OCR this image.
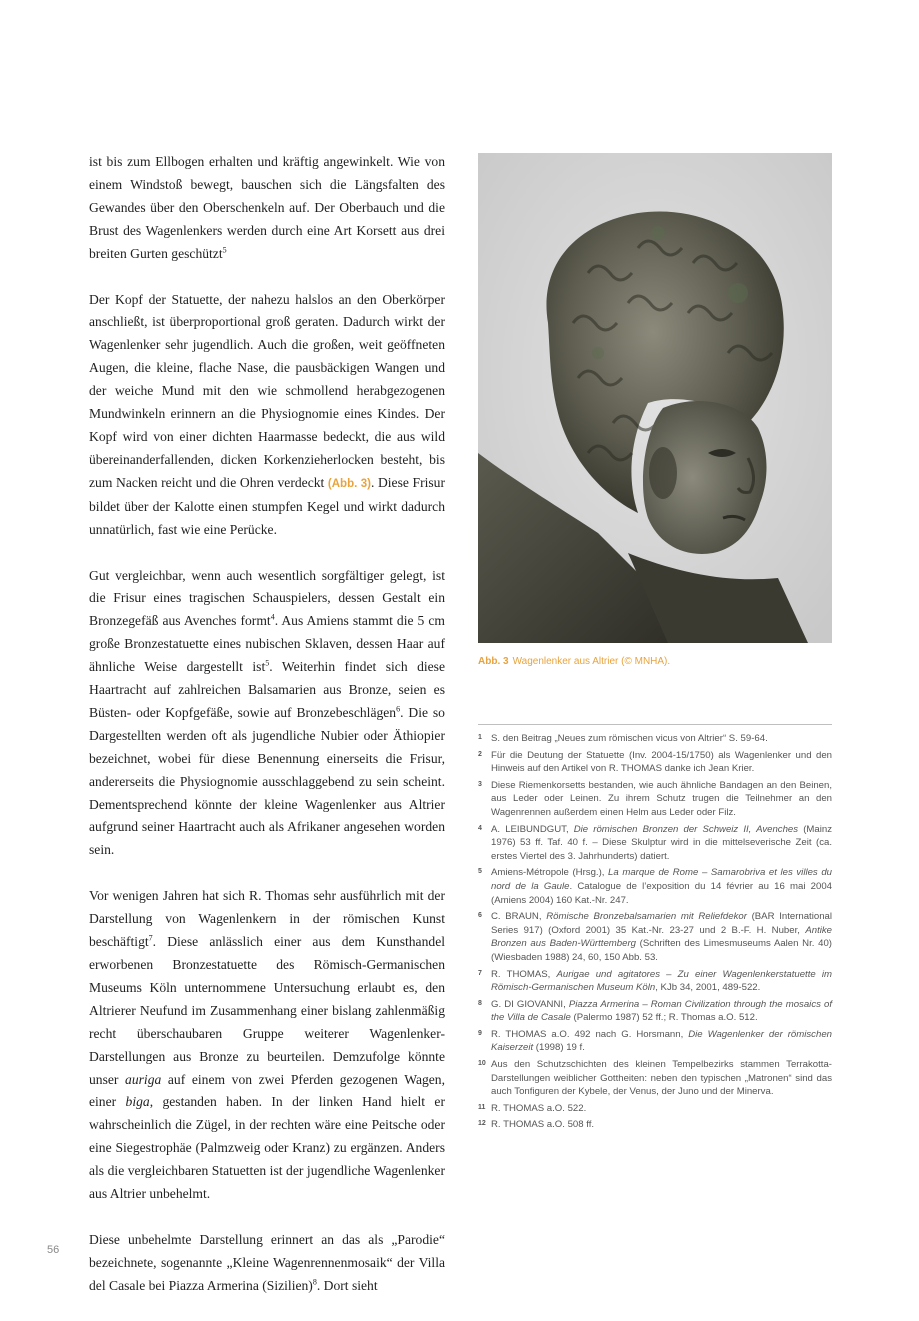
ist bis zum Ellbogen erhalten und kräftig angewinkelt. Wie von einem Windstoß bewegt, bauschen sich die Längsfalten des Gewandes über den Oberschenkeln auf. Der Oberbauch und die Brust des Wagenlenkers werden durch eine Art Korsett aus drei breiten Gurten geschützt$^5$

Der Kopf der Statuette, der nahezu halslos an den Oberkörper anschließt, ist überproportional groß geraten. Dadurch wirkt der Wagenlenker sehr jugendlich. Auch die großen, weit geöffneten Augen, die kleine, flache Nase, die pausbäckigen Wangen und der weiche Mund mit den wie schmollend herabgezogenen Mundwinkeln erinnern an die Physiognomie eines Kindes. Der Kopf wird von einer dichten Haarmasse bedeckt, die aus wild übereinanderfallenden, dicken Korkenzieherlocken besteht, bis zum Nacken reicht und die Ohren verdeckt (Abb. 3). Diese Frisur bildet über der Kalotte einen stumpfen Kegel und wirkt dadurch unnatürlich, fast wie eine Perücke.

Gut vergleichbar, wenn auch wesentlich sorgfältiger gelegt, ist die Frisur eines tragischen Schauspielers, dessen Gestalt ein Bronzegefäß aus Avenches formt$^4$. Aus Amiens stammt die 5 cm große Bronzestatuette eines nubischen Sklaven, dessen Haar auf ähnliche Weise dargestellt ist$^5$. Weiterhin findet sich diese Haartracht auf zahlreichen Balsamarien aus Bronze, seien es Büsten- oder Kopfgefäße, sowie auf Bronzebeschlägen$^6$. Die so Dargestellten werden oft als jugendliche Nubier oder Äthiopier bezeichnet, wobei für diese Benennung einerseits die Frisur, andererseits die Physiognomie ausschlaggebend zu sein scheint. Dementsprechend könnte der kleine Wagenlenker aus Altrier aufgrund seiner Haartracht auch als Afrikaner angesehen worden sein.

Vor wenigen Jahren hat sich R. Thomas sehr ausführlich mit der Darstellung von Wagenlenkern in der römischen Kunst beschäftigt$^7$. Diese anlässlich einer aus dem Kunsthandel erworbenen Bronzestatuette des Römisch-Germanischen Museums Köln unternommene Untersuchung erlaubt es, den Altrierer Neufund im Zusammenhang einer bislang zahlenmäßig recht überschaubaren Gruppe weiterer Wagenlenker-Darstellungen aus Bronze zu beurteilen. Demzufolge könnte unser auriga auf einem von zwei Pferden gezogenen Wagen, einer biga, gestanden haben. In der linken Hand hielt er wahrscheinlich die Zügel, in der rechten wäre eine Peitsche oder eine Siegestrophäe (Palmzweig oder Kranz) zu ergänzen. Anders als die vergleichbaren Statuetten ist der jugendliche Wagenlenker aus Altrier unbehelmt.

Diese unbehelmte Darstellung erinnert an das als „Parodie“ bezeichnete, sogenannte „Kleine Wagenrennenmosaik“ der Villa del Casale bei Piazza Armerina (Sizilien)$^8$. Dort sieht

Abb. 3 Wagenlenker aus Altrier (© MNHA).
1 S. den Beitrag „Neues zum römischen vicus von Altrier“ S. 59-64.
2 Für die Deutung der Statuette (Inv. 2004-15/1750) als Wagenlenker und den Hinweis auf den Artikel von R. THOMAS danke ich Jean Krier.
3 Diese Riemenkorsetts bestanden, wie auch ähnliche Bandagen an den Beinen, aus Leder oder Leinen. Zu ihrem Schutz trugen die Teilnehmer an den Wagenrennen außerdem einen Helm aus Leder oder Filz.
4 A. LEIBUNDGUT, Die römischen Bronzen der Schweiz II, Avenches (Mainz 1976) 53 ff. Taf. 40 f. – Diese Skulptur wird in die mittelseverische Zeit (ca. erstes Viertel des 3. Jahrhunderts) datiert.
5 Amiens-Métropole (Hrsg.), La marque de Rome – Samarobriva et les villes du nord de la Gaule. Catalogue de l’exposition du 14 février au 16 mai 2004 (Amiens 2004) 160 Kat.-Nr. 247.
6 C. BRAUN, Römische Bronzebalsamarien mit Reliefdekor (BAR International Series 917) (Oxford 2001) 35 Kat.-Nr. 23-27 und 2 B.-F. H. Nuber, Antike Bronzen aus Baden-Württemberg (Schriften des Limesmuseums Aalen Nr. 40) (Wiesbaden 1988) 24, 60, 150 Abb. 53.
7 R. THOMAS, Aurigae und agitatores – Zu einer Wagenlenkerstatuette im Römisch-Germanischen Museum Köln, KJb 34, 2001, 489-522.
8 G. DI GIOVANNI, Piazza Armerina – Roman Civilization through the mosaics of the Villa de Casale (Palermo 1987) 52 ff.; R. Thomas a.O. 512.
9 R. THOMAS a.O. 492 nach G. Horsmann, Die Wagenlenker der römischen Kaiserzeit (1998) 19 f.
10 Aus den Schutzschichten des kleinen Tempelbezirks stammen Terrakotta-Darstellungen weiblicher Gottheiten: neben den typischen „Matronen“ sind das auch Tonfiguren der Kybele, der Venus, der Juno und der Minerva.
11 R. THOMAS a.O. 522.
12 R. THOMAS a.O. 508 ff.
56
